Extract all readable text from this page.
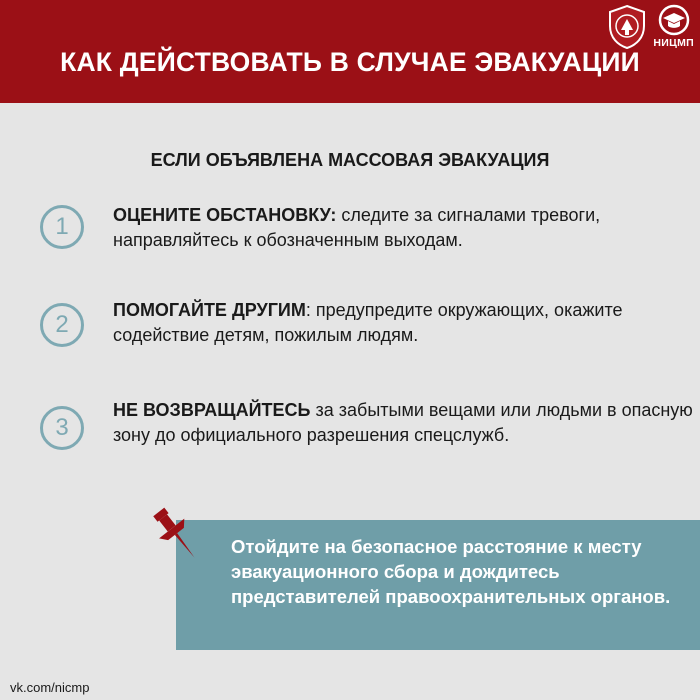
НИЦМП
КАК ДЕЙСТВОВАТЬ В СЛУЧАЕ ЭВАКУАЦИИ
ЕСЛИ ОБЪЯВЛЕНА МАССОВАЯ ЭВАКУАЦИЯ
1	ОЦЕНИТЕ ОБСТАНОВКУ: следите за сигналами тревоги, направляйтесь к обозначенным выходам.
2
ПОМОГАЙТЕ ДРУГИМ: предупредите окружающих, окажите содействие детям, пожилым людям.
3
НЕ ВОЗВРАЩАЙТЕСЬ за забытыми вещами или людьми в опасную зону до официального разрешения спецслужб.
Отойдите на безопасное расстояние к месту эвакуационного сбора и дождитесь представителей правоохранительных органов.
vk.com/nicmp
